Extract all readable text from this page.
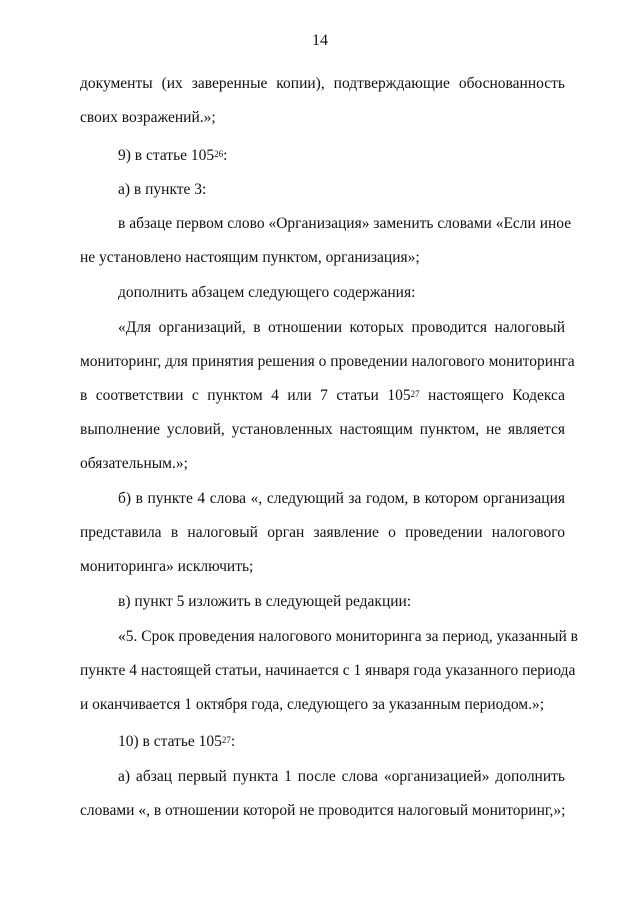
14
документы (их заверенные копии), подтверждающие обоснованность
своих возражений.»;
9) в статье $105^{26}$:
а) в пункте 3:
в абзаце первом слово «Организация» заменить словами «Если иное
не установлено настоящим пунктом, организация»;
дополнить абзацем следующего содержания:
«Для организаций, в отношении которых проводится налоговый
мониторинг, для принятия решения о проведении налогового мониторинга
в соответствии с пунктом 4 или 7 статьи $105^{27}$ настоящего Кодекса
выполнение условий, установленных настоящим пунктом, не является
обязательным.»;
б) в пункте 4 слова «, следующий за годом, в котором организация
представила в налоговый орган заявление о проведении налогового
мониторинга» исключить;
в) пункт 5 изложить в следующей редакции:
«5. Срок проведения налогового мониторинга за период, указанный в
пункте 4 настоящей статьи, начинается с 1 января года указанного периода
и оканчивается 1 октября года, следующего за указанным периодом.»;
10) в статье $105^{27}$:
а) абзац первый пункта 1 после слова «организацией» дополнить
словами «, в отношении которой не проводится налоговый мониторинг,»;
